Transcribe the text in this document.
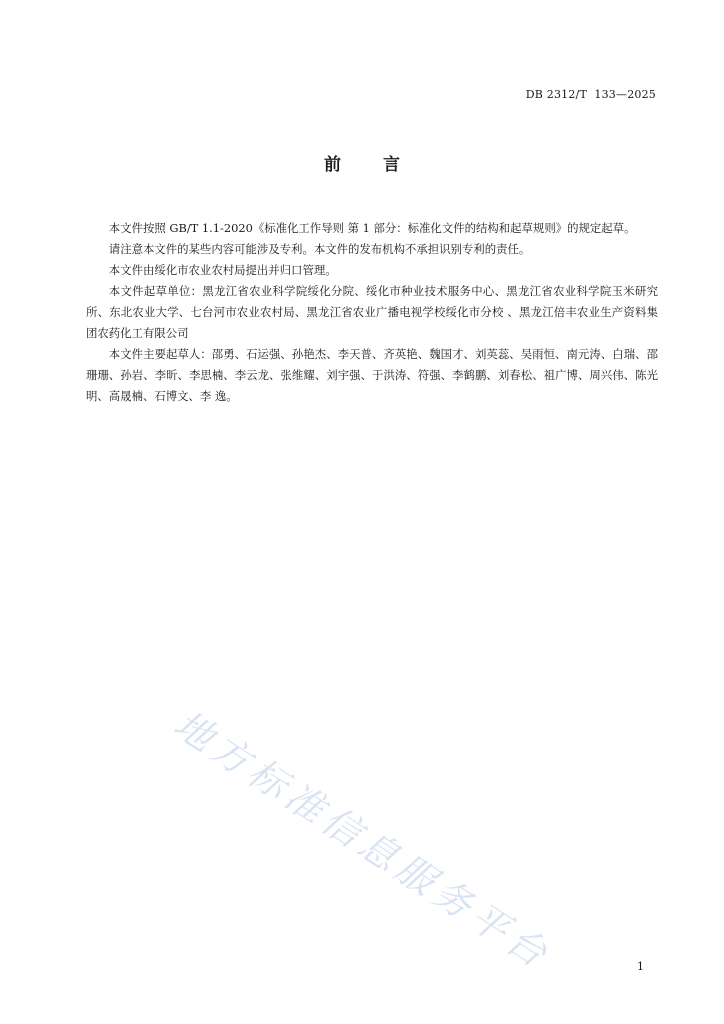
DB 2312/T  133—2025
前言

本文件按照 GB/T 1.1-2020《标准化工作导则 第 1 部分：标准化文件的结构和起草规则》的规定起草。

请注意本文件的某些内容可能涉及专利。本文件的发布机构不承担识别专利的责任。

本文件由绥化市农业农村局提出并归口管理。

本文件起草单位：黑龙江省农业科学院绥化分院、绥化市种业技术服务中心、黑龙江省农业科学院玉米研究所、东北农业大学、七台河市农业农村局、黑龙江省农业广播电视学校绥化市分校 、黑龙江倍丰农业生产资料集团农药化工有限公司

本文件主要起草人：邵勇、石运强、孙艳杰、李天普、齐英艳、魏国才、刘英蕊、吴雨恒、南元涛、白瑞、邵珊珊、孙岩、李昕、李思楠、李云龙、张维耀、刘宇强、于洪涛、符强、李鹤鹏、刘春松、祖广博、周兴伟、陈光明、高晟楠、石博文、李 逸。

地方标准信息服务平台	1
